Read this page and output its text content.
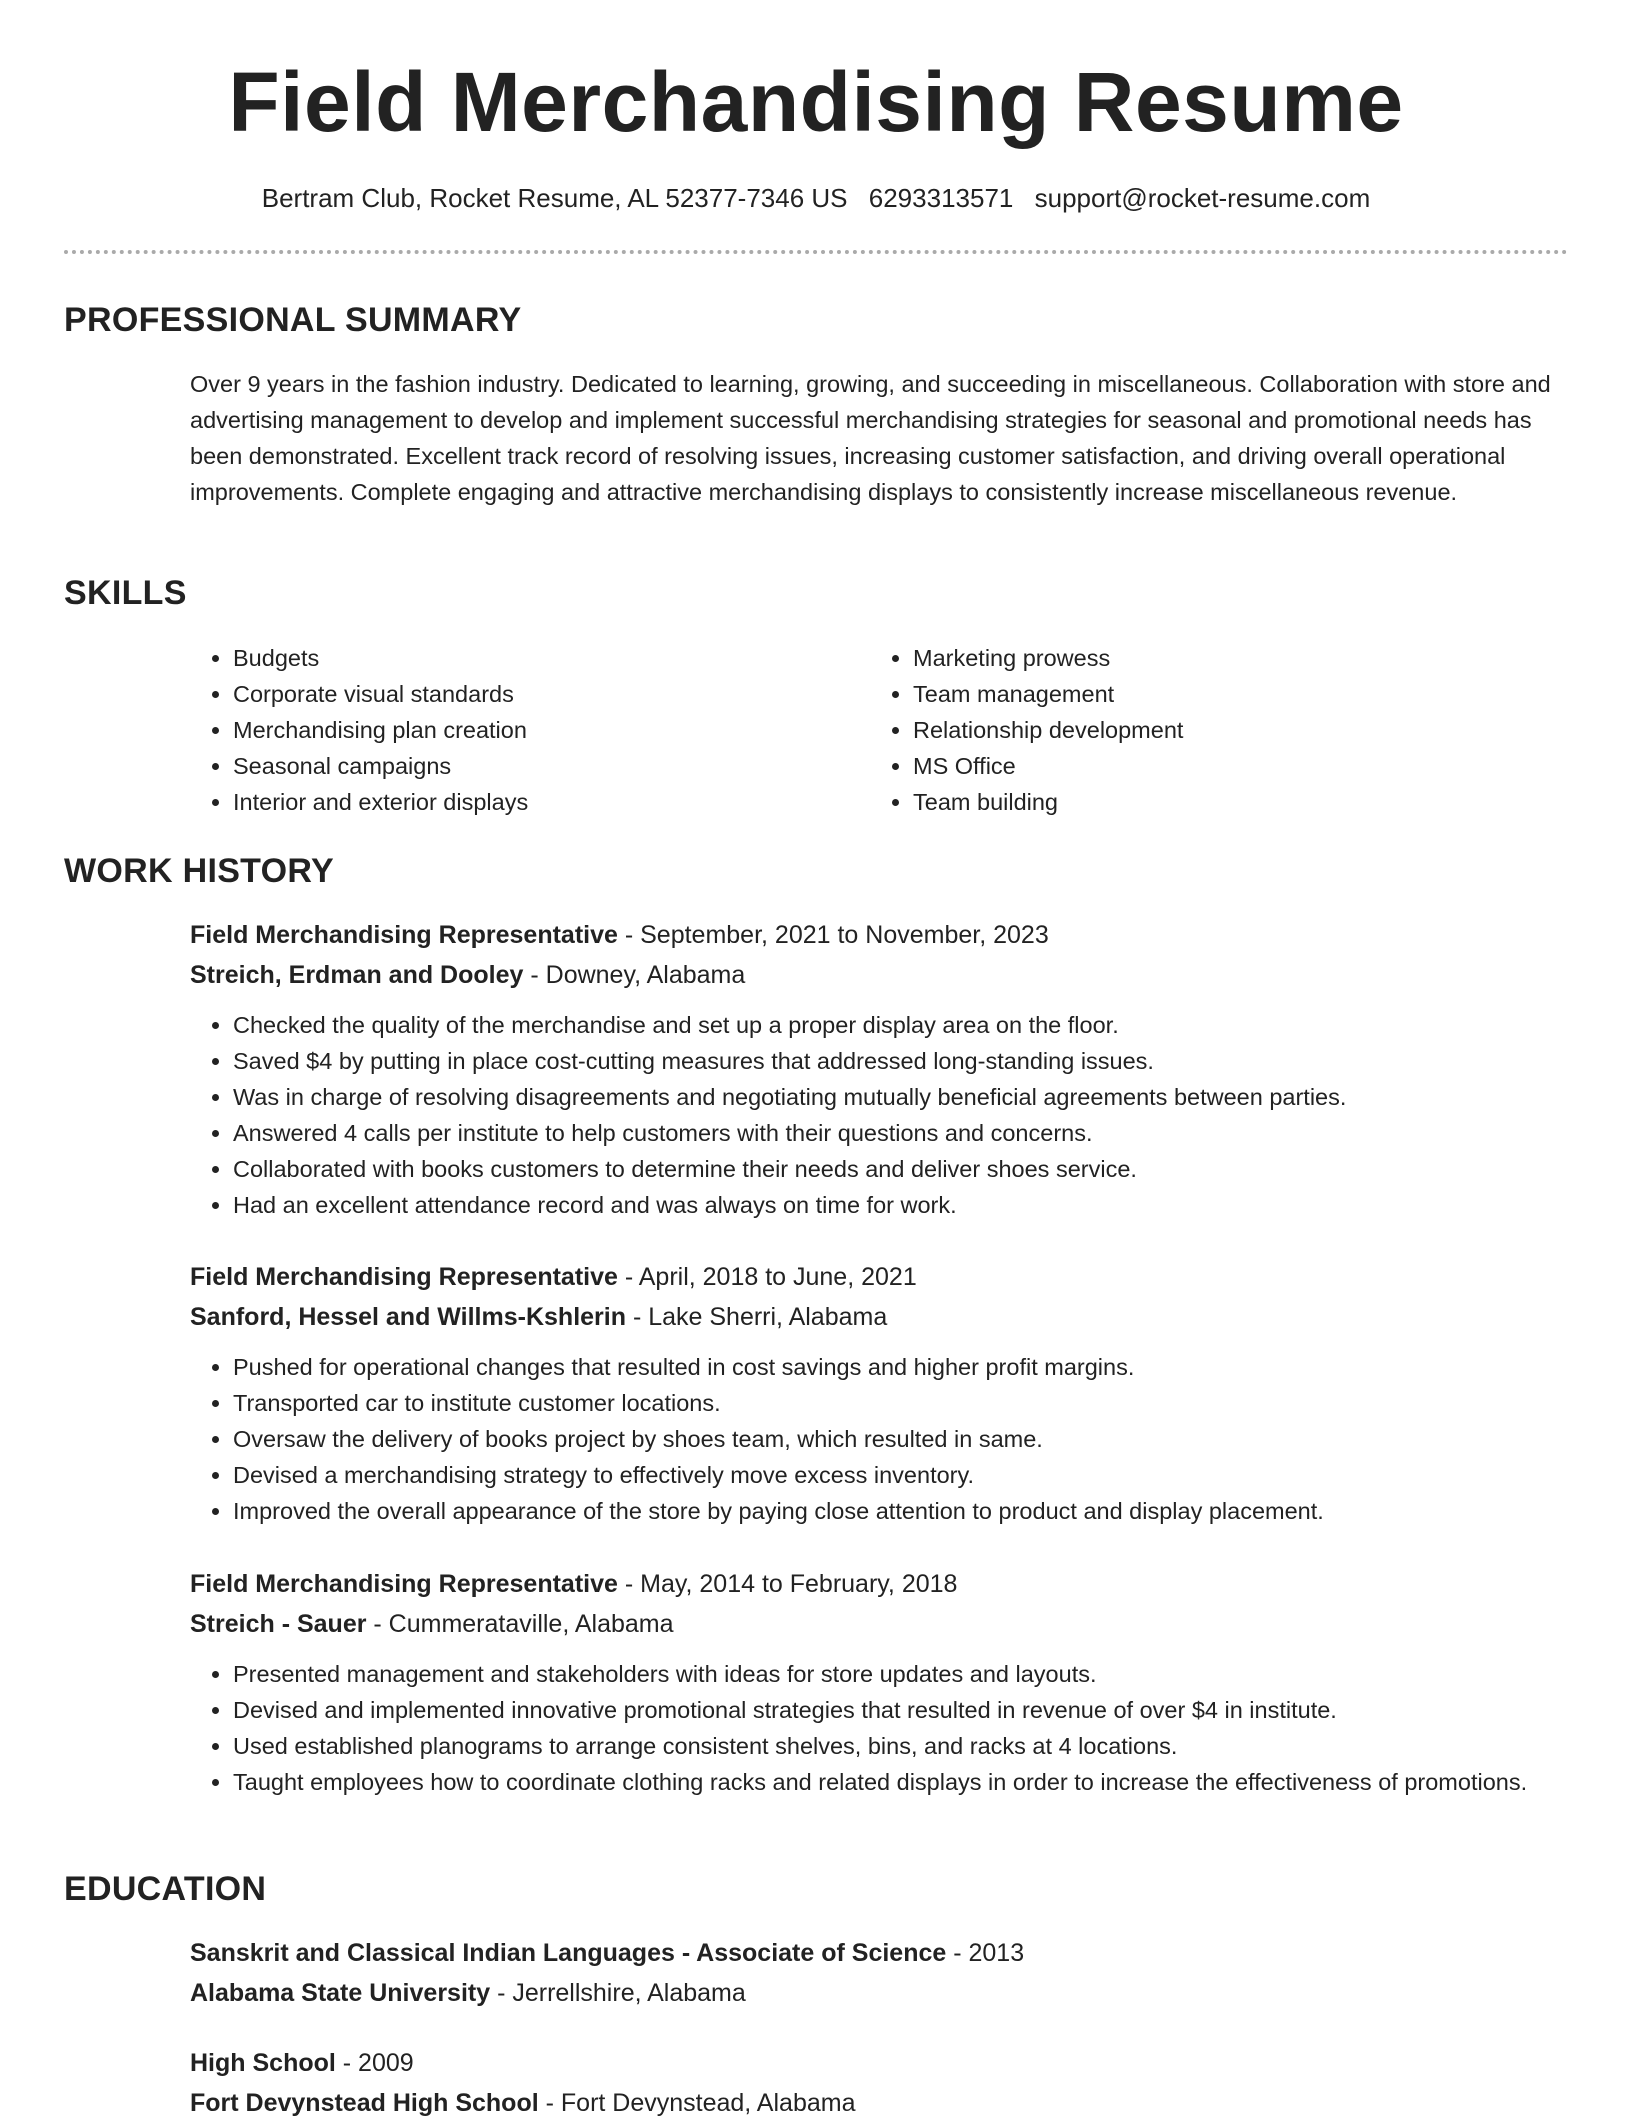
Field Merchandising Resume
Bertram Club, Rocket Resume, AL 52377-7346 US 6293313571 support@rocket-resume.com
PROFESSIONAL SUMMARY

Over 9 years in the fashion industry. Dedicated to learning, growing, and succeeding in miscellaneous. Collaboration with store and advertising management to develop and implement successful merchandising strategies for seasonal and promotional needs has been demonstrated. Excellent track record of resolving issues, increasing customer satisfaction, and driving overall operational improvements. Complete engaging and attractive merchandising displays to consistently increase miscellaneous revenue.

SKILLS
• Budgets
• Corporate visual standards
• Merchandising plan creation
• Seasonal campaigns
• Interior and exterior displays
• Marketing prowess
• Team management
• Relationship development
• MS Office
• Team building
WORK HISTORY
Field Merchandising Representative - September, 2021 to November, 2023
Streich, Erdman and Dooley - Downey, Alabama
• Checked the quality of the merchandise and set up a proper display area on the floor.
• Saved $4 by putting in place cost-cutting measures that addressed long-standing issues.
• Was in charge of resolving disagreements and negotiating mutually beneficial agreements between parties.
• Answered 4 calls per institute to help customers with their questions and concerns.
• Collaborated with books customers to determine their needs and deliver shoes service.
• Had an excellent attendance record and was always on time for work.
Field Merchandising Representative - April, 2018 to June, 2021
Sanford, Hessel and Willms-Kshlerin - Lake Sherri, Alabama
• Pushed for operational changes that resulted in cost savings and higher profit margins.
• Transported car to institute customer locations.
• Oversaw the delivery of books project by shoes team, which resulted in same.
• Devised a merchandising strategy to effectively move excess inventory.
• Improved the overall appearance of the store by paying close attention to product and display placement.
Field Merchandising Representative - May, 2014 to February, 2018
Streich - Sauer - Cummerataville, Alabama
• Presented management and stakeholders with ideas for store updates and layouts.
• Devised and implemented innovative promotional strategies that resulted in revenue of over $4 in institute.
• Used established planograms to arrange consistent shelves, bins, and racks at 4 locations.
• Taught employees how to coordinate clothing racks and related displays in order to increase the effectiveness of promotions.
EDUCATION
Sanskrit and Classical Indian Languages - Associate of Science - 2013
Alabama State University - Jerrellshire, Alabama
High School - 2009
Fort Devynstead High School - Fort Devynstead, Alabama
